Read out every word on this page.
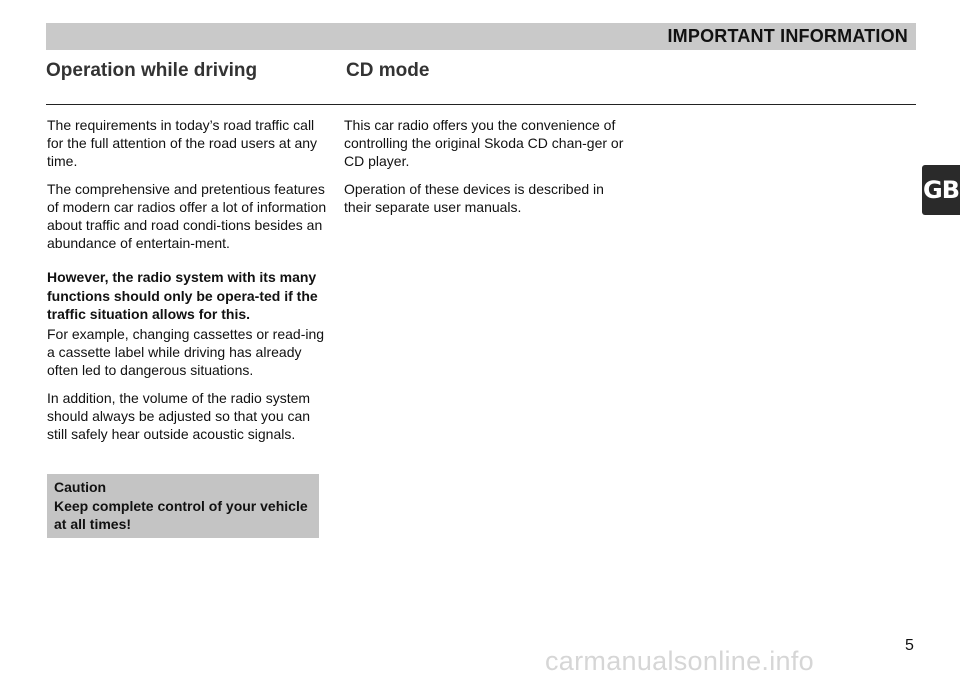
IMPORTANT INFORMATION
Operation while driving	CD mode

The requirements in today’s road traffic call for the full attention of the road users at any time.

The comprehensive and pretentious features of modern car radios offer a lot of information about traffic and road condi-tions besides an abundance of entertain-ment.

However, the radio system with its many functions should only be opera-ted if the traffic situation allows for this.

For example, changing cassettes or read-ing a cassette label while driving has already often led to dangerous situations.

In addition, the volume of the radio system should always be adjusted so that you can still safely hear outside acoustic signals.

Caution
Keep complete control of your vehicle at all times!

This car radio offers you the convenience of controlling the original Skoda CD chan-ger or CD player.

Operation of these devices is described in their separate user manuals.

GB
5
carmanualsonline.info
